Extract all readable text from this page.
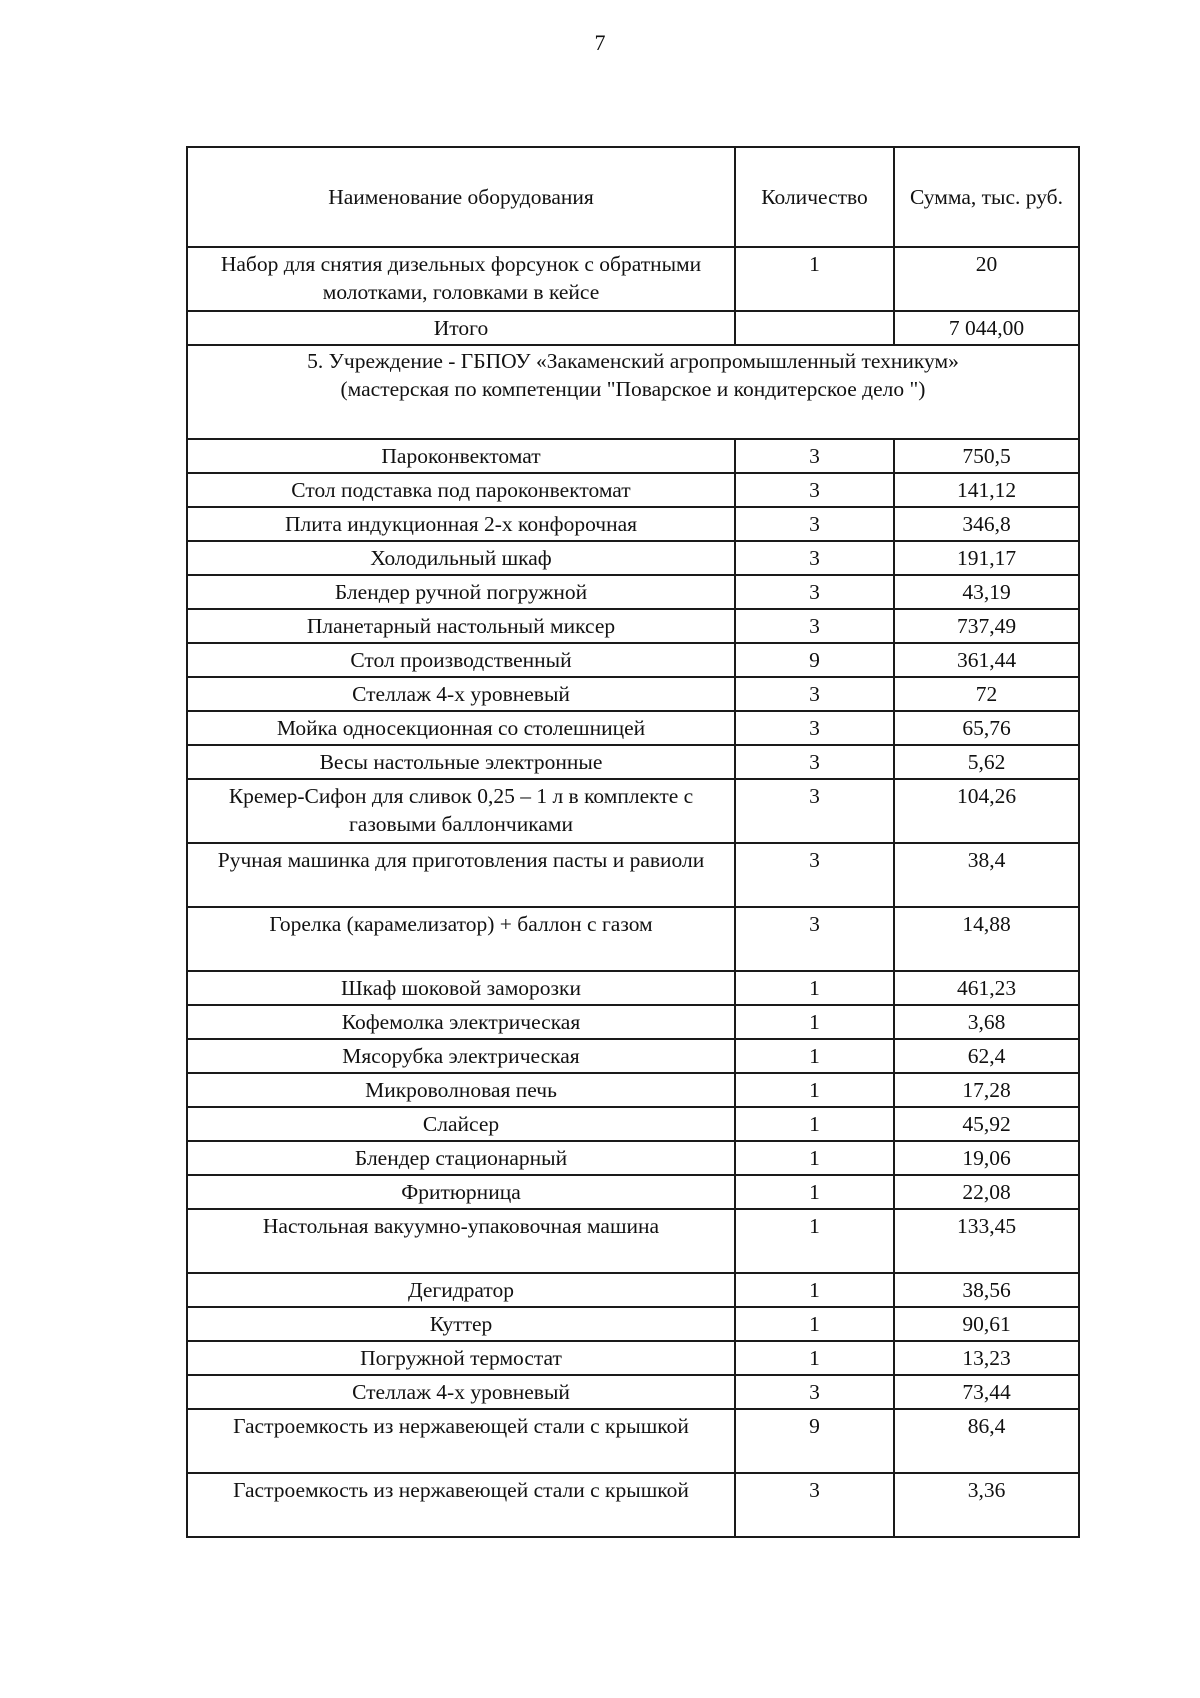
7
Наименование оборудования	Количество	Сумма, тыс. руб.
Набор для снятия дизельных форсунок с обратными молотками, головками в кейсе	1	20
Итого		7 044,00

5. Учреждение - ГБПОУ «Закаменский агропромышленный техникум»
(мастерская по компетенции "Поварское и кондитерское дело ")		

Пароконвектомат	3	750,5
Стол подставка под пароконвектомат	3	141,12
Плита индукционная 2-х конфорочная	3	346,8
Холодильный шкаф	3	191,17
Блендер ручной погружной	3	43,19
Планетарный настольный миксер	3	737,49
Стол производственный	9	361,44
Стеллаж 4-х уровневый	3	72
Мойка односекционная со столешницей	3	65,76
Весы настольные электронные	3	5,62
Кремер-Сифон для сливок 0,25 – 1 л в комплекте с газовыми баллончиками	3	104,26
Ручная машинка для приготовления пасты и равиоли	3	38,4
Горелка (карамелизатор) + баллон с газом	3	14,88
Шкаф шоковой заморозки	1	461,23
Кофемолка электрическая	1	3,68
Мясорубка электрическая	1	62,4
Микроволновая печь	1	17,28
Слайсер	1	45,92
Блендер стационарный	1	19,06
Фритюрница	1	22,08
Настольная вакуумно-упаковочная машина	1	133,45
Дегидратор	1	38,56
Куттер	1	90,61
Погружной термостат	1	13,23
Стеллаж 4-х уровневый	3	73,44
Гастроемкость из нержавеющей стали с крышкой	9	86,4
Гастроемкость из нержавеющей стали с крышкой	3	3,36
